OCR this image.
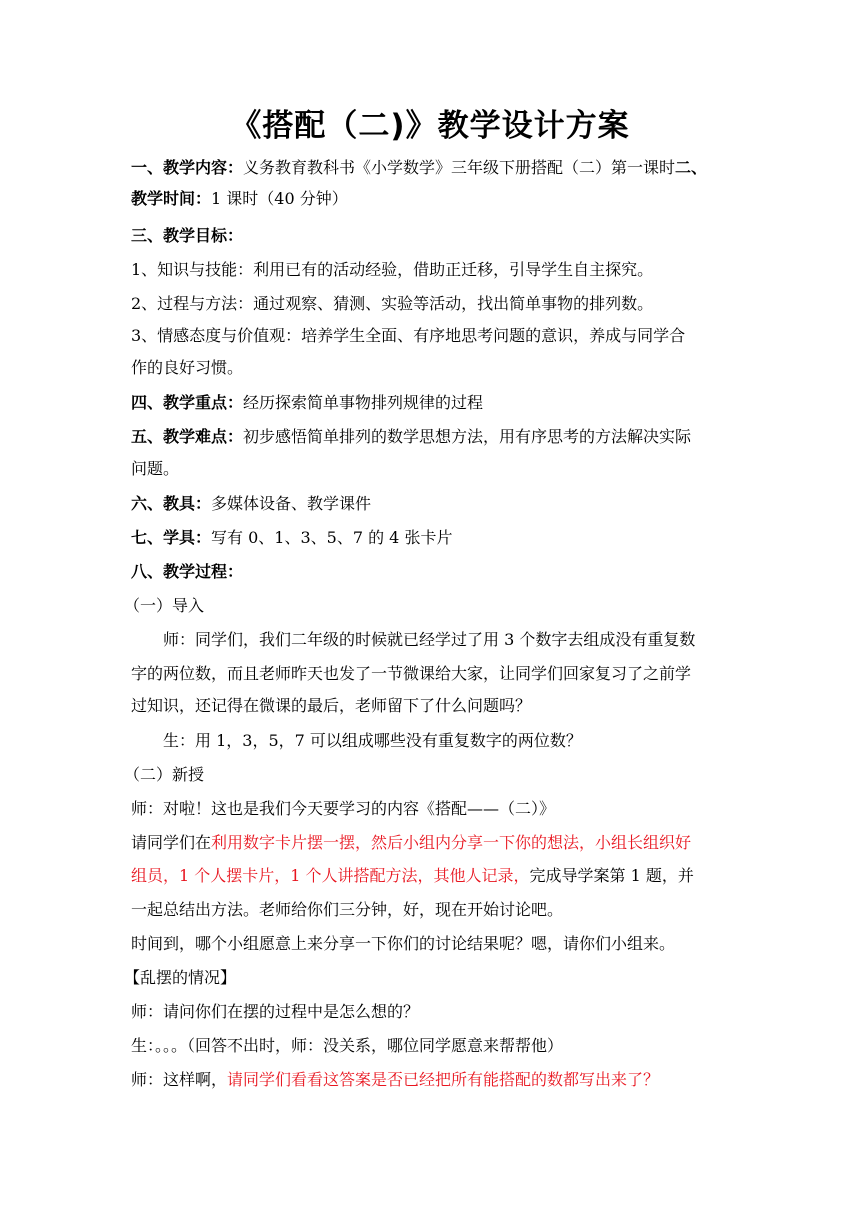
《搭配（二)》教学设计方案
一、教学内容：义务教育教科书《小学数学》三年级下册搭配（二）第一课时二、
教学时间：1 课时（40 分钟）
三、教学目标：
1、知识与技能：利用已有的活动经验，借助正迁移，引导学生自主探究。
2、过程与方法：通过观察、猜测、实验等活动，找出简单事物的排列数。
3、情感态度与价值观：培养学生全面、有序地思考问题的意识，养成与同学合
作的良好习惯。
四、教学重点：经历探索简单事物排列规律的过程
五、教学难点：初步感悟简单排列的数学思想方法，用有序思考的方法解决实际
问题。
六、教具：多媒体设备、教学课件
七、学具：写有 0、1、3、5、7 的 4 张卡片
八、教学过程：
（一）导入
师：同学们，我们二年级的时候就已经学过了用 3 个数字去组成没有重复数
字的两位数，而且老师昨天也发了一节微课给大家，让同学们回家复习了之前学
过知识，还记得在微课的最后，老师留下了什么问题吗？
生：用 1，3，5，7 可以组成哪些没有重复数字的两位数？
（二）新授
师：对啦！这也是我们今天要学习的内容《搭配——（二）》
请同学们在利用数字卡片摆一摆，然后小组内分享一下你的想法，小组长组织好
组员，1 个人摆卡片，1 个人讲搭配方法，其他人记录，完成导学案第 1 题，并
一起总结出方法。老师给你们三分钟，好，现在开始讨论吧。
时间到，哪个小组愿意上来分享一下你们的讨论结果呢？嗯，请你们小组来。
【乱摆的情况】
师：请问你们在摆的过程中是怎么想的？
生：。。。（回答不出时，师：没关系，哪位同学愿意来帮帮他）
师：这样啊，请同学们看看这答案是否已经把所有能搭配的数都写出来了？
